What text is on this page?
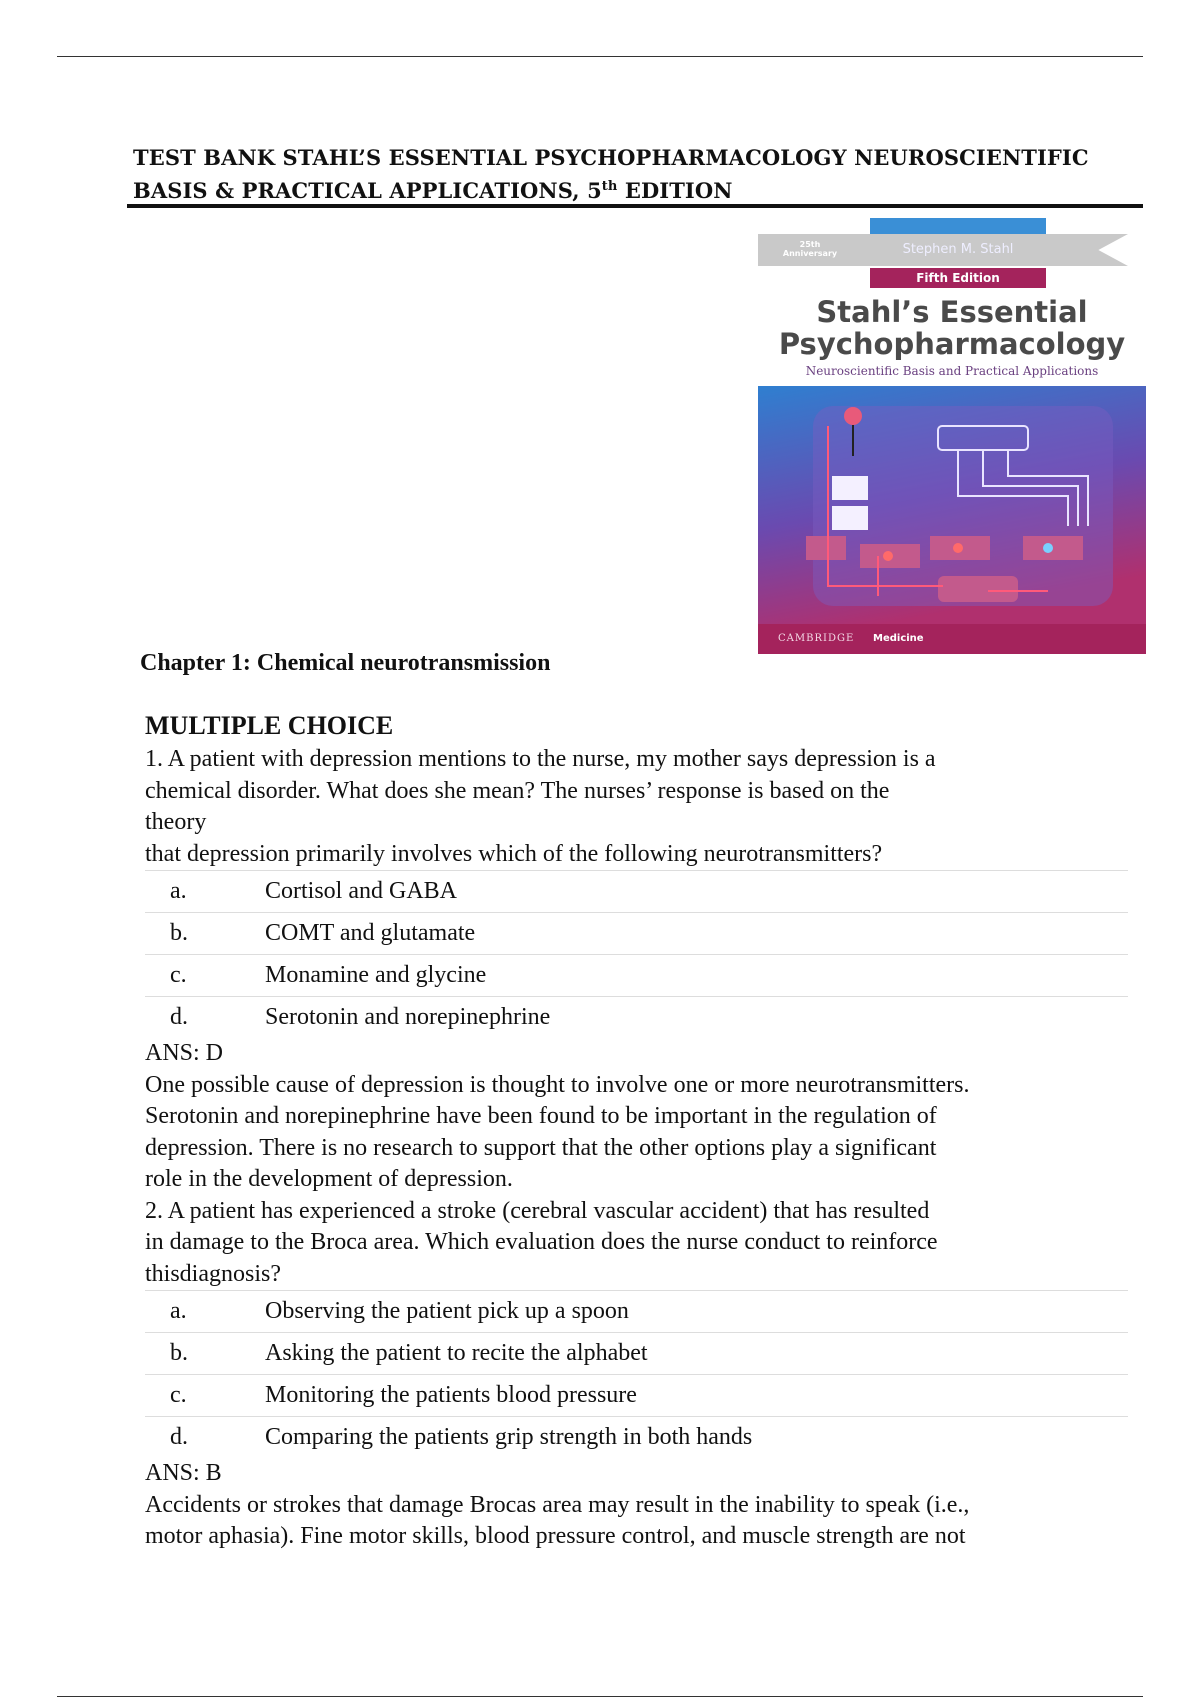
TEST BANK STAHL’S ESSENTIAL PSYCHOPHARMACOLOGY NEUROSCIENTIFIC BASIS & PRACTICAL APPLICATIONS, 5th EDITION
25th Anniversary	Stephen M. Stahl
Fifth Edition
Stahl’s Essential
Psychopharmacology
Neuroscientific Basis and Practical Applications
CAMBRIDGE Medicine
Chapter 1: Chemical neurotransmission
MULTIPLE CHOICE
1. A patient with depression mentions to the nurse, my mother says depression is a
chemical disorder. What does she mean? The nurses’ response is based on the
theory
that depression primarily involves which of the following neurotransmitters?
a.	Cortisol and GABA
b.	COMT and glutamate
c.	Monamine and glycine
d.	Serotonin and norepinephrine
ANS: D
One possible cause of depression is thought to involve one or more neurotransmitters.
Serotonin and norepinephrine have been found to be important in the regulation of
depression. There is no research to support that the other options play a significant
role in the development of depression.
2. A patient has experienced a stroke (cerebral vascular accident) that has resulted
in damage to the Broca area. Which evaluation does the nurse conduct to reinforce
thisdiagnosis?
a.	Observing the patient pick up a spoon
b.	Asking the patient to recite the alphabet
c.	Monitoring the patients blood pressure
d.	Comparing the patients grip strength in both hands
ANS: B
Accidents or strokes that damage Brocas area may result in the inability to speak (i.e.,
motor aphasia). Fine motor skills, blood pressure control, and muscle strength are not
